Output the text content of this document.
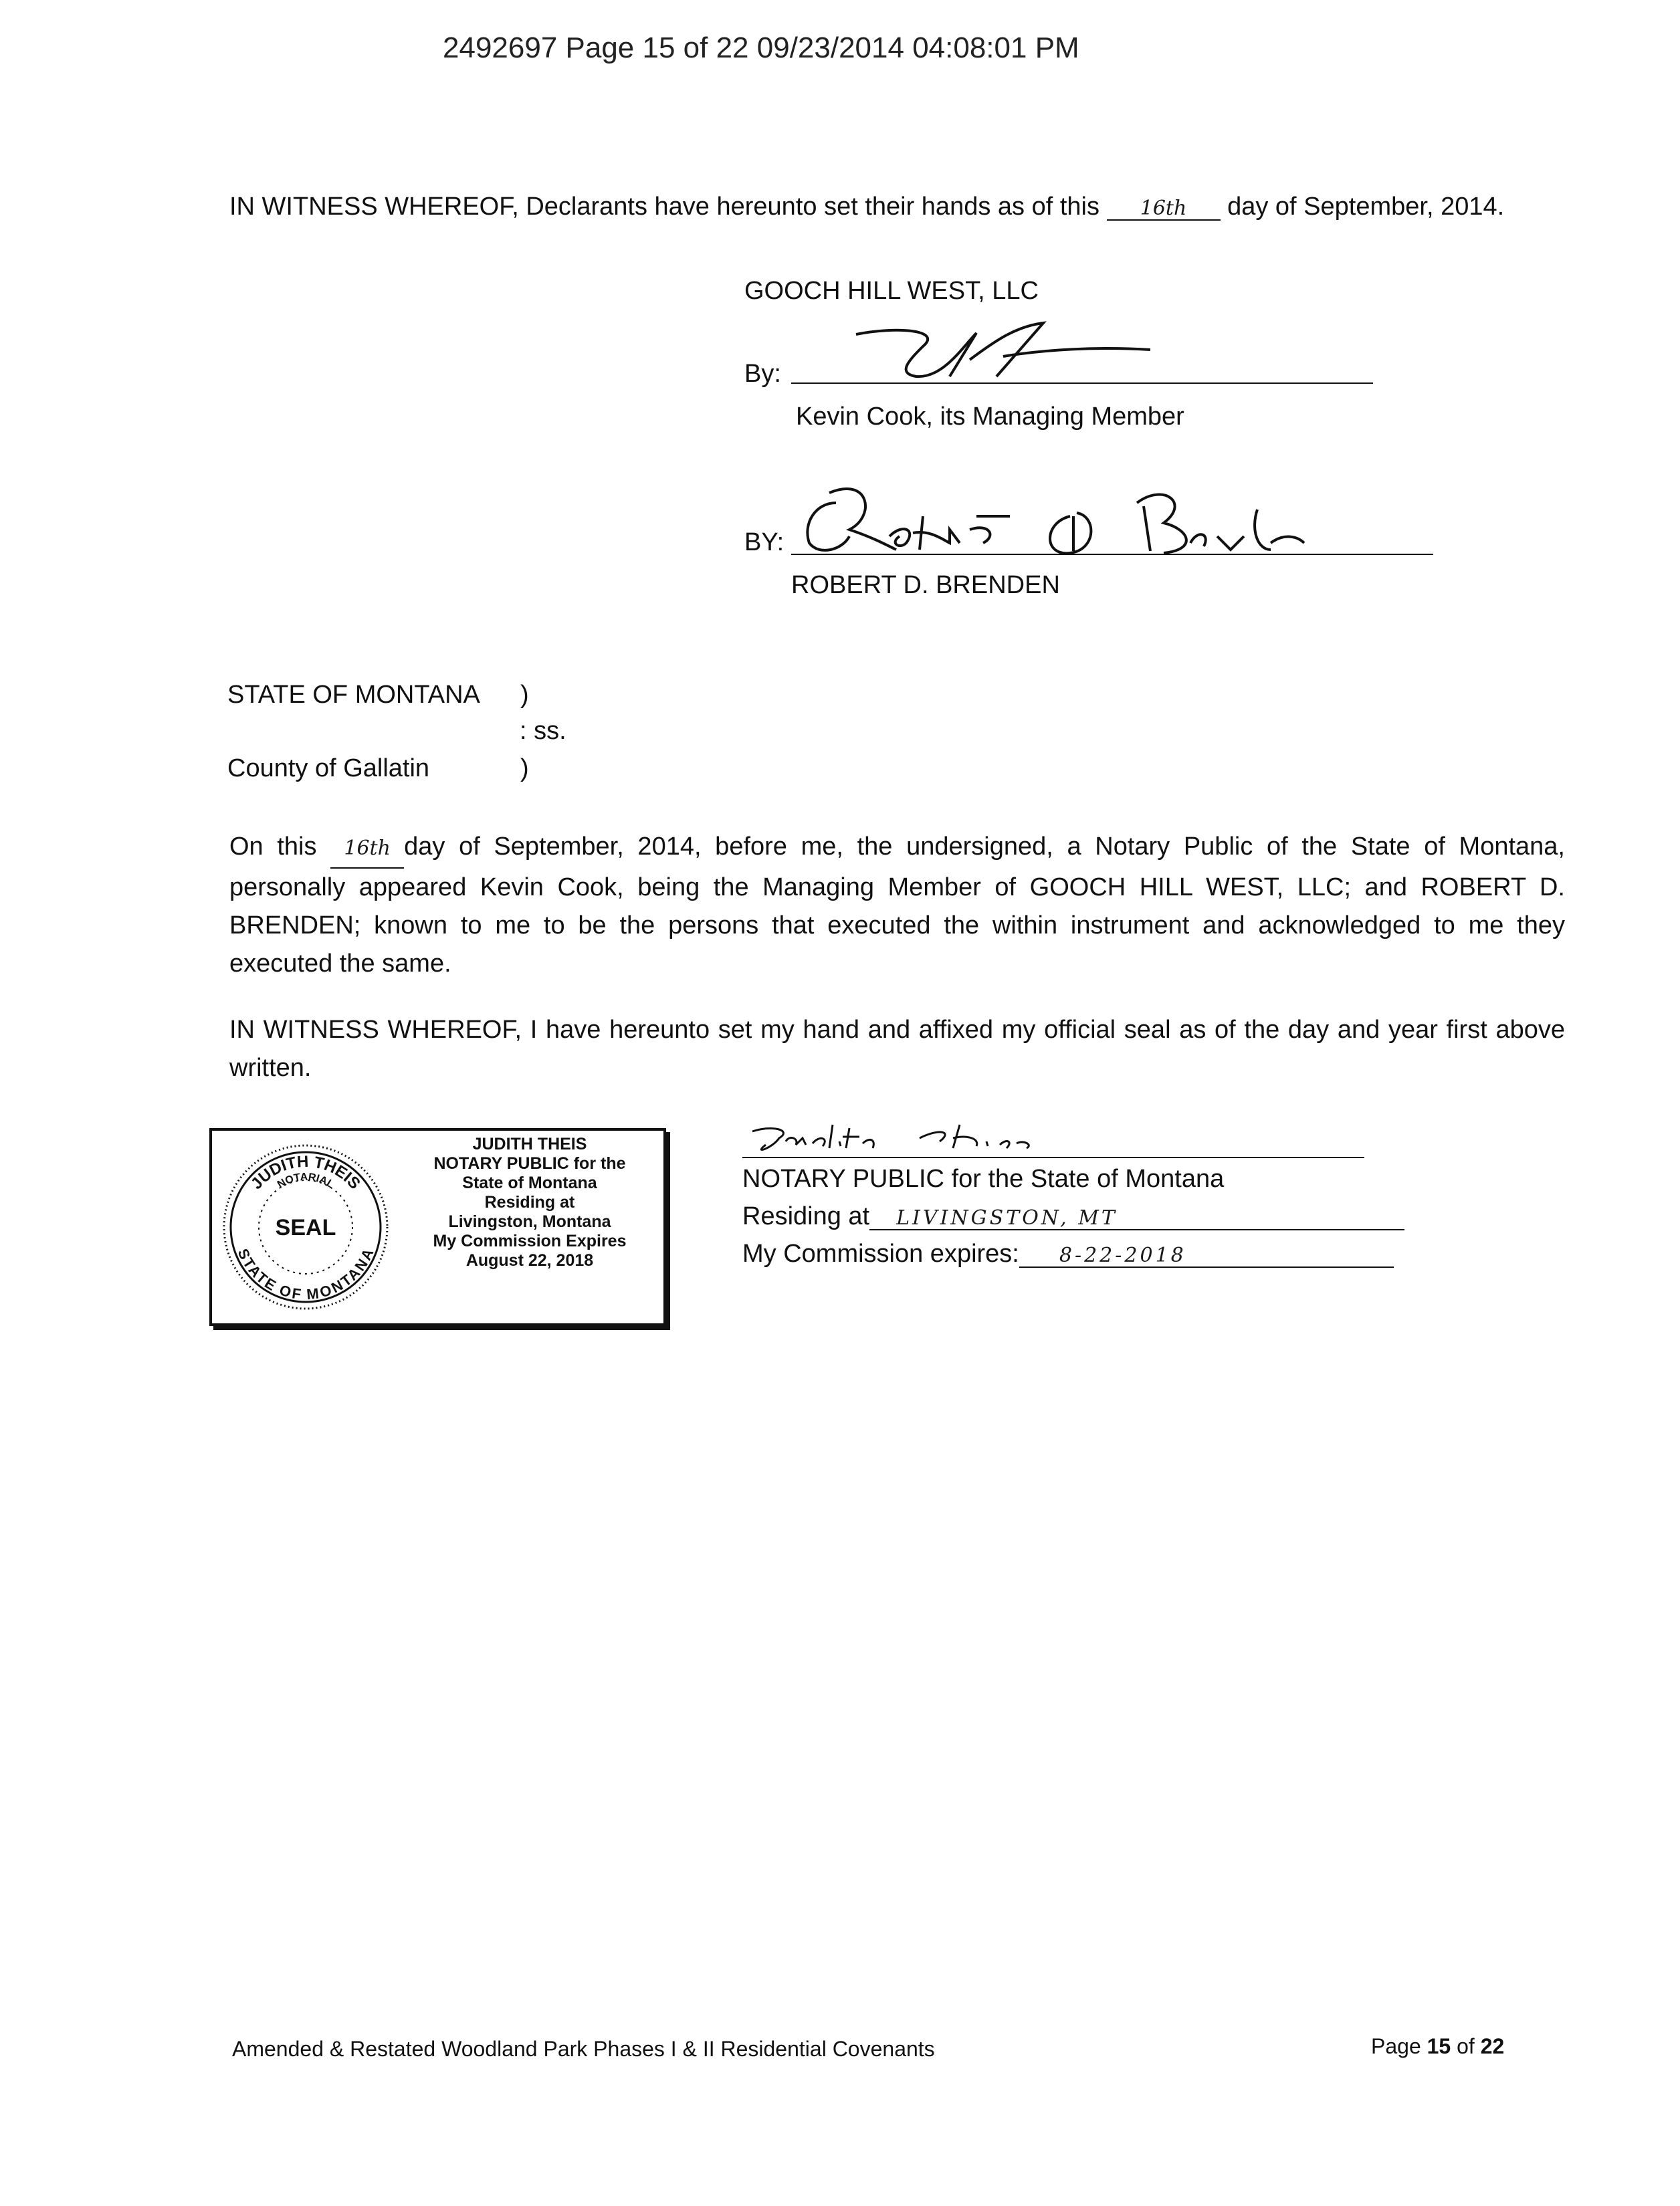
2492697 Page 15 of 22 09/23/2014 04:08:01 PM
IN WITNESS WHEREOF, Declarants have hereunto set their hands as of this 16th day of September, 2014.
GOOCH HILL WEST, LLC
By:
Kevin Cook, its Managing Member
BY:
ROBERT D. BRENDEN
STATE OF MONTANA )
: ss.
County of Gallatin	)
On this 16th day of September, 2014, before me, the undersigned, a Notary Public of the State of Montana, personally appeared Kevin Cook, being the Managing Member of GOOCH HILL WEST, LLC; and ROBERT D. BRENDEN; known to me to be the persons that executed the within instrument and acknowledged to me they executed the same.
IN WITNESS WHEREOF, I have hereunto set my hand and affixed my official seal as of the day and year first above written.
JUDITH THEIS
NOTARIAL
SEAL
STATE OF MONTANA
JUDITH THEIS
NOTARY PUBLIC for the
State of Montana
Residing at
Livingston, Montana
My Commission Expires
August 22, 2018
NOTARY PUBLIC for the State of Montana
Residing at LIVINGSTON, MT
My Commission expires: 8-22-2018
Amended & Restated Woodland Park Phases I & II Residential Covenants	Page 15 of 22
